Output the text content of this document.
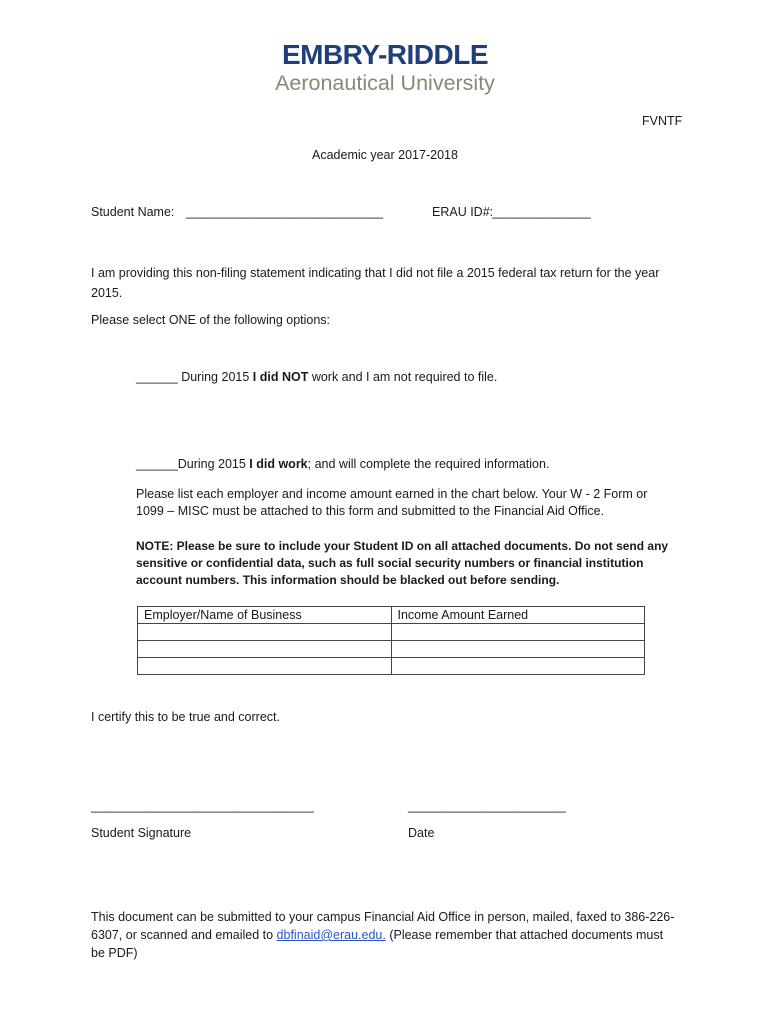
EMBRY-RIDDLE
Aeronautical University
FVNTF
Academic year 2017-2018
Student Name: ______________________________	ERAU ID#:
_______________
I am providing this non-filing statement indicating that I did not file a 2015 federal tax return for the year 2015.
Please select ONE of the following options:
______ During 2015 I did NOT work and I am not required to file.
______During 2015 I did work; and will complete the required information.
Please list each employer and income amount earned in the chart below. Your W - 2 Form or 1099 – MISC must be attached to this form and submitted to the Financial Aid Office.
NOTE: Please be sure to include your Student ID on all attached documents. Do not send any sensitive or confidential data, such as full social security numbers or financial institution account numbers. This information should be blacked out before sending.
Employer/Name of Business	Income Amount Earned

I certify this to be true and correct.
_________________________________	________________________
Student Signature	Date
This document can be submitted to your campus Financial Aid Office in person, mailed, faxed to 386-226-6307, or scanned and emailed to dbfinaid@erau.edu. (Please remember that attached documents must be PDF)
